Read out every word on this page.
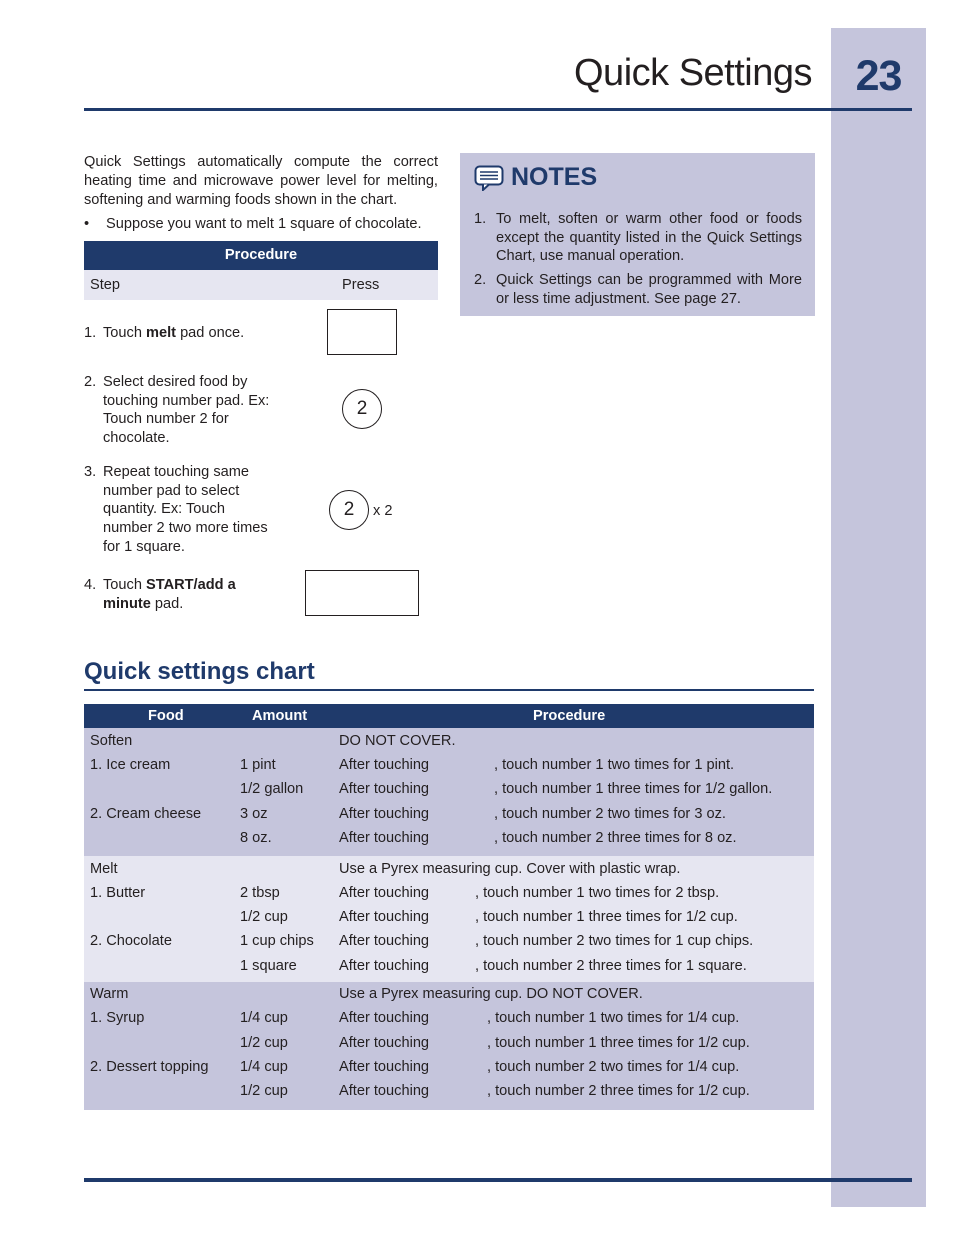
23
Quick Settings
Quick Settings automatically compute the correct heating time and microwave power level for melting, softening and warming foods shown in the chart.
• Suppose you want to melt 1 square of chocolate.
Procedure
Step	Press
1. Touch melt pad once.
2. Select desired food by touching number pad. Ex: Touch number 2 for chocolate.
2
3. Repeat touching same number pad to select quantity. Ex: Touch number 2 two more times for 1 square.
2	x 2
4. Touch START/add a minute pad.
NOTES
1. To melt, soften or warm other food or foods except the quantity listed in the Quick Settings Chart, use manual operation.
2. Quick Settings can be programmed with More or less time adjustment. See page 27.
Quick settings chart
Food	Amount	Procedure
Soften	DO NOT COVER.
1. Ice cream	1 pint	After touching	, touch number 1 two times for 1 pint.
1/2 gallon After touching	, touch number 1 three times for 1/2 gallon.
2. Cream cheese	3 oz	After touching	, touch number 2 two times for 3 oz.
8 oz.	After touching	, touch number 2 three times for 8 oz.
Melt	Use a Pyrex measuring cup. Cover with plastic wrap.
1. Butter	2 tbsp	After touching	, touch number 1 two times for 2 tbsp.
1/2 cup	After touching	, touch number 1 three times for 1/2 cup.
2. Chocolate	1 cup chips After touching	, touch number 2 two times for 1 cup chips.
1 square	After touching	, touch number 2 three times for 1 square.
Warm	Use a Pyrex measuring cup. DO NOT COVER.
1. Syrup	1/4 cup	After touching	, touch number 1 two times for 1/4 cup.
1/2 cup	After touching	, touch number 1 three times for 1/2 cup.
2. Dessert topping 1/4 cup	After touching	, touch number 2 two times for 1/4 cup.
1/2 cup	After touching	, touch number 2 three times for 1/2 cup.
